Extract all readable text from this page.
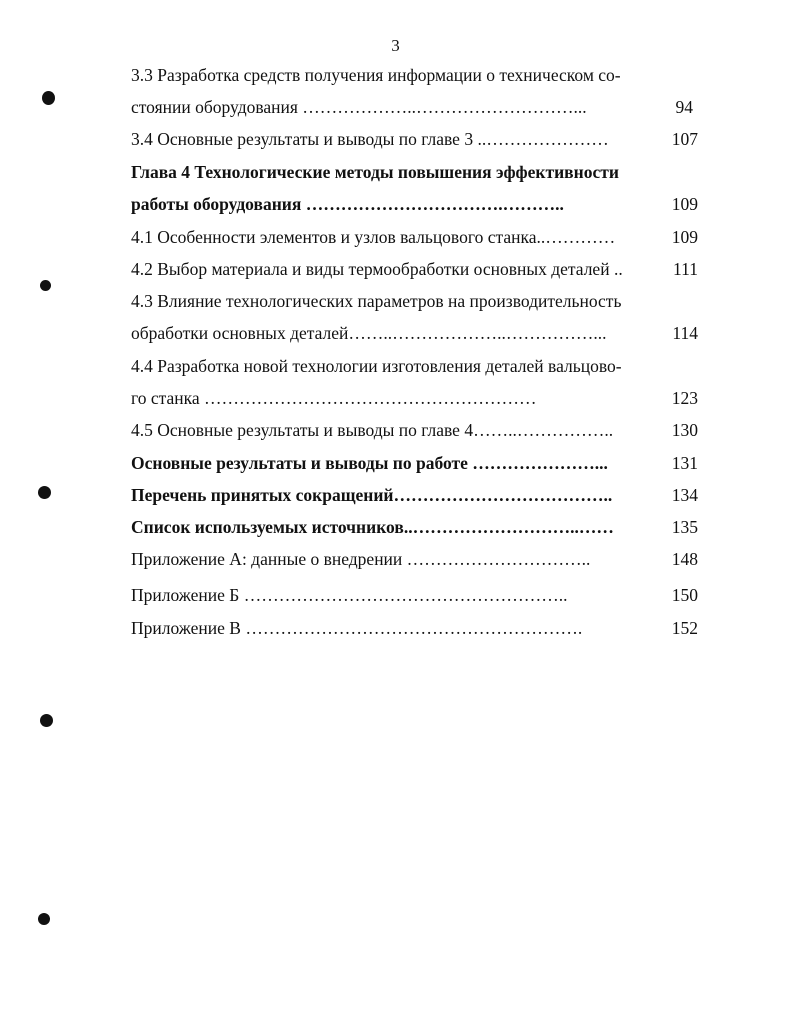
3
3.3 Разработка средств получения информации о техническом со-
стоянии оборудования ………………..………………………...	94
3.4 Основные результаты и выводы по главе 3 ..…………………	107
Глава 4 Технологические методы повышения эффективности
работы оборудования …………………………….………..	109
4.1 Особенности элементов и узлов вальцового станка..…………	109
4.2 Выбор материала и виды термообработки основных деталей ..	111
4.3 Влияние технологических параметров на производительность
обработки основных деталей……..………………..……………...	114
4.4 Разработка новой технологии изготовления деталей вальцово-
го станка …………………………………………………	123
4.5 Основные результаты и выводы по главе 4……..……………..	130
Основные результаты и выводы по работе …………………...	131
Перечень принятых сокращений………………………………..	134
Список используемых источников..………………………..……	135
Приложение А: данные о внедрении …………………………..	148
Приложение Б ………………………………………………..	150
Приложение В ………………………………………………….	152
